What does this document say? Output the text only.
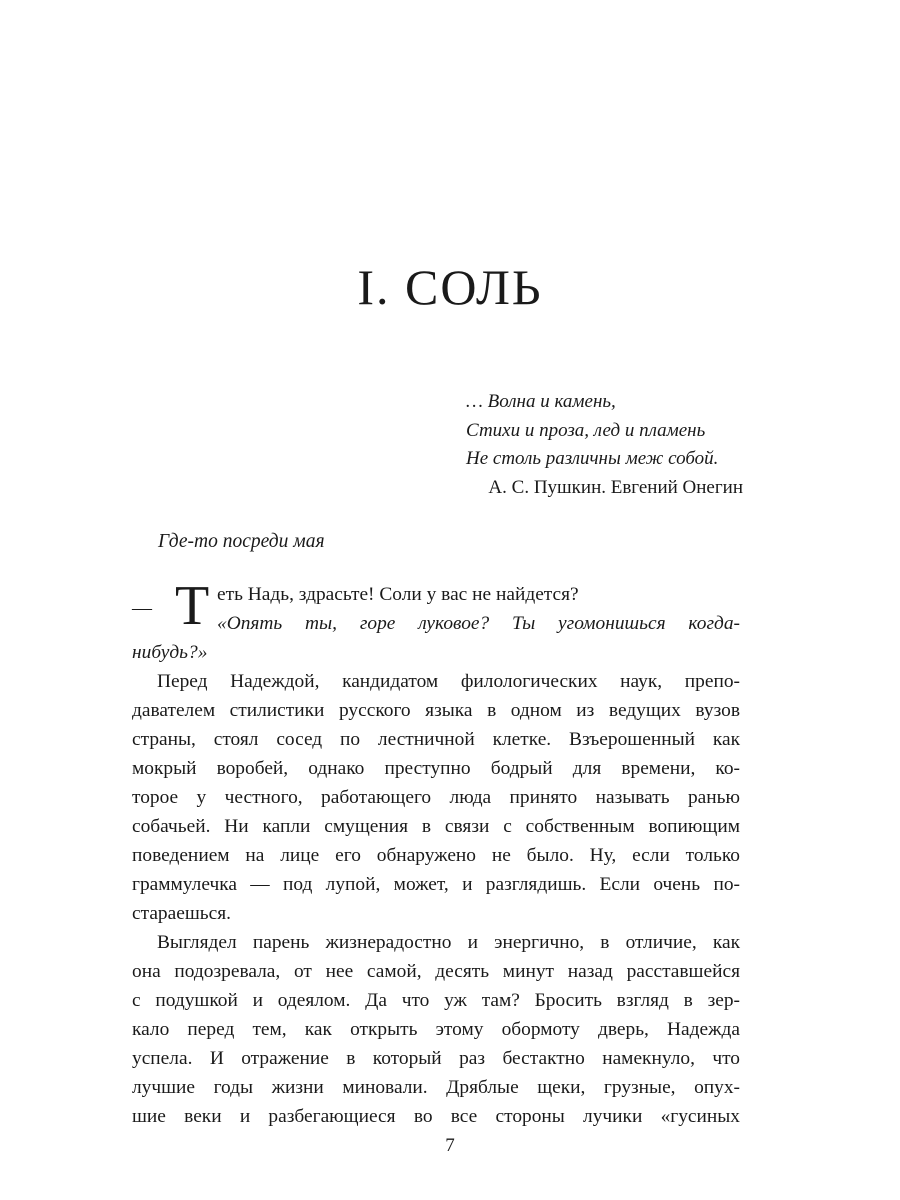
I. СОЛЬ
… Волна и камень,
Стихи и проза, лед и пламень
Не столь различны меж собой.
А. С. Пушкин. Евгений Онегин
Где-то посреди мая
— Т еть Надь, здрасьте! Соли у вас не найдется?
«Опять ты, горе луковое? Ты угомонишься когда-
нибудь?»
Перед Надеждой, кандидатом филологических наук, препо-
давателем стилистики русского языка в одном из ведущих вузов
страны, стоял сосед по лестничной клетке. Взъерошенный как
мокрый воробей, однако преступно бодрый для времени, ко-
торое у честного, работающего люда принято называть ранью
собачьей. Ни капли смущения в связи с собственным вопиющим
поведением на лице его обнаружено не было. Ну, если только
граммулечка — под лупой, может, и разглядишь. Если очень по-
стараешься.
Выглядел парень жизнерадостно и энергично, в отличие, как
она подозревала, от нее самой, десять минут назад расставшейся
с подушкой и одеялом. Да что уж там? Бросить взгляд в зер-
кало перед тем, как открыть этому обормоту дверь, Надежда
успела. И отражение в который раз бестактно намекнуло, что
лучшие годы жизни миновали. Дряблые щеки, грузные, опух-
шие веки и разбегающиеся во все стороны лучики «гусиных
7
